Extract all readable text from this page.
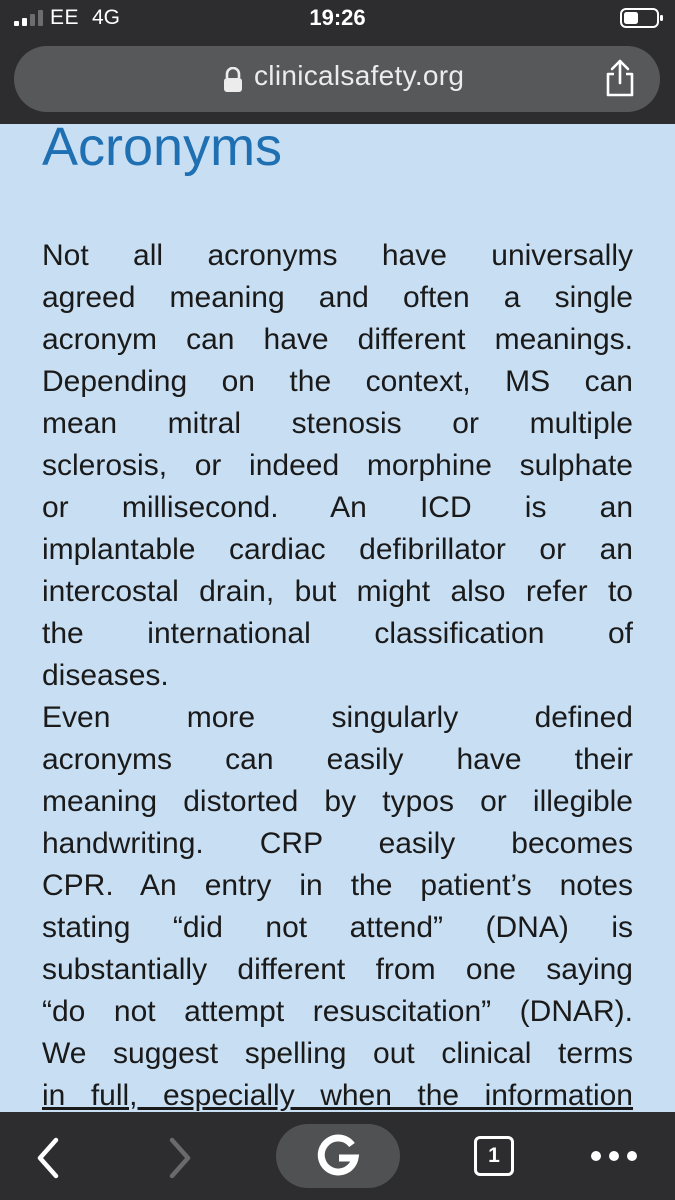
EE 4G	19:26
clinicalsafety.org
Acronyms
Not all acronyms have universally
agreed meaning and often a single
acronym can have different meanings.
Depending on the context, MS can
mean mitral stenosis or multiple
sclerosis, or indeed morphine sulphate
or millisecond. An ICD is an
implantable cardiac defibrillator or an
intercostal drain, but might also refer to
the international classification of
diseases.
Even more singularly defined
acronyms can easily have their
meaning distorted by typos or illegible
handwriting. CRP easily becomes
CPR. An entry in the patient’s notes
stating “did not attend” (DNA) is
substantially different from one saying
“do not attempt resuscitation” (DNAR).
We suggest spelling out clinical terms
in full, especially when the information
1
